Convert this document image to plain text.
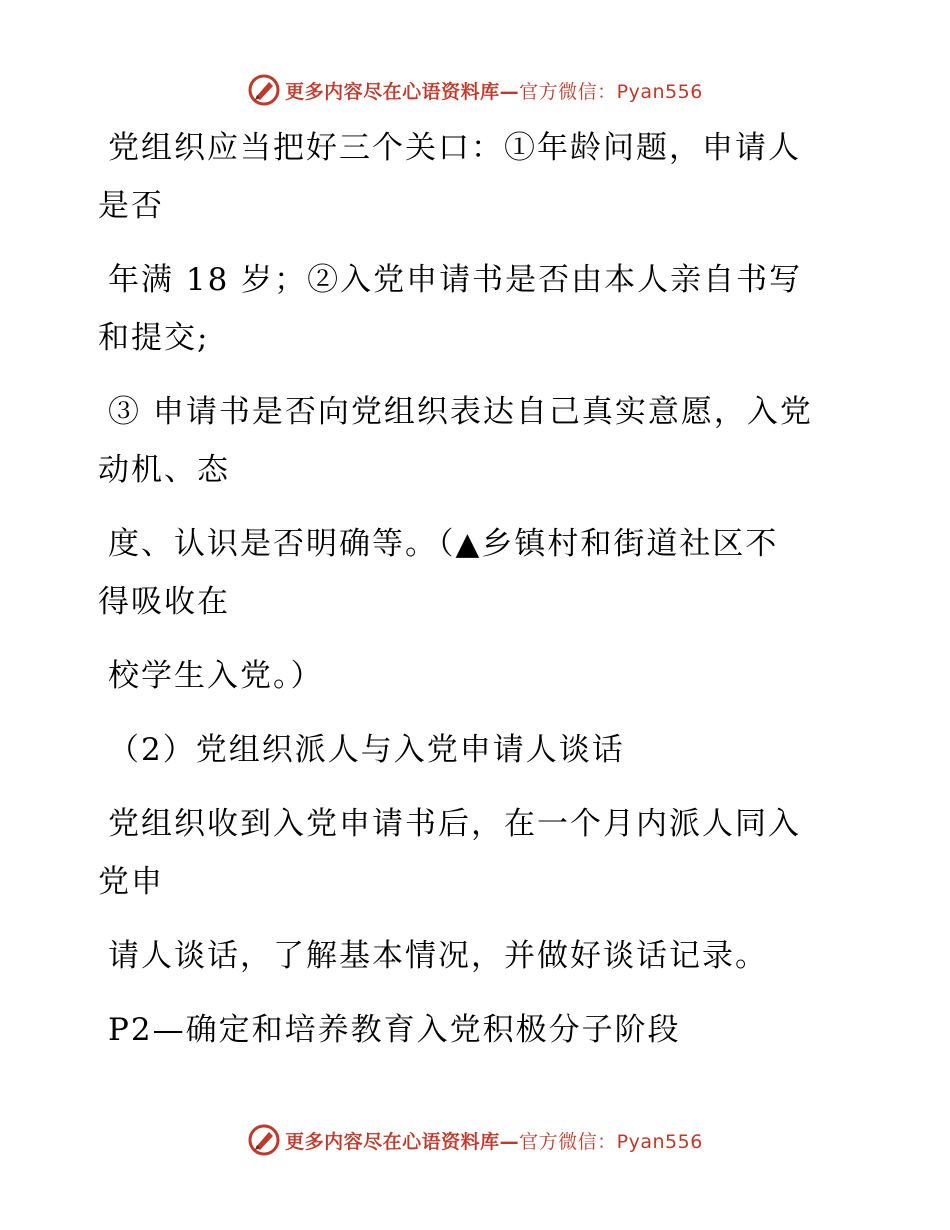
更多内容尽在心语资料库—官方微信：Pyan556
党组织应当把好三个关口：①年龄问题，申请人
是否
年满 18 岁；②入党申请书是否由本人亲自书写
和提交;
③ 申请书是否向党组织表达自己真实意愿，入党
动机、态
度、认识是否明确等。（▲乡镇村和街道社区不
得吸收在
校学生入党。）
（2）党组织派人与入党申请人谈话
党组织收到入党申请书后，在一个月内派人同入
党申
请人谈话，了解基本情况，并做好谈话记录。
P2—确定和培养教育入党积极分子阶段
更多内容尽在心语资料库—官方微信：Pyan556
